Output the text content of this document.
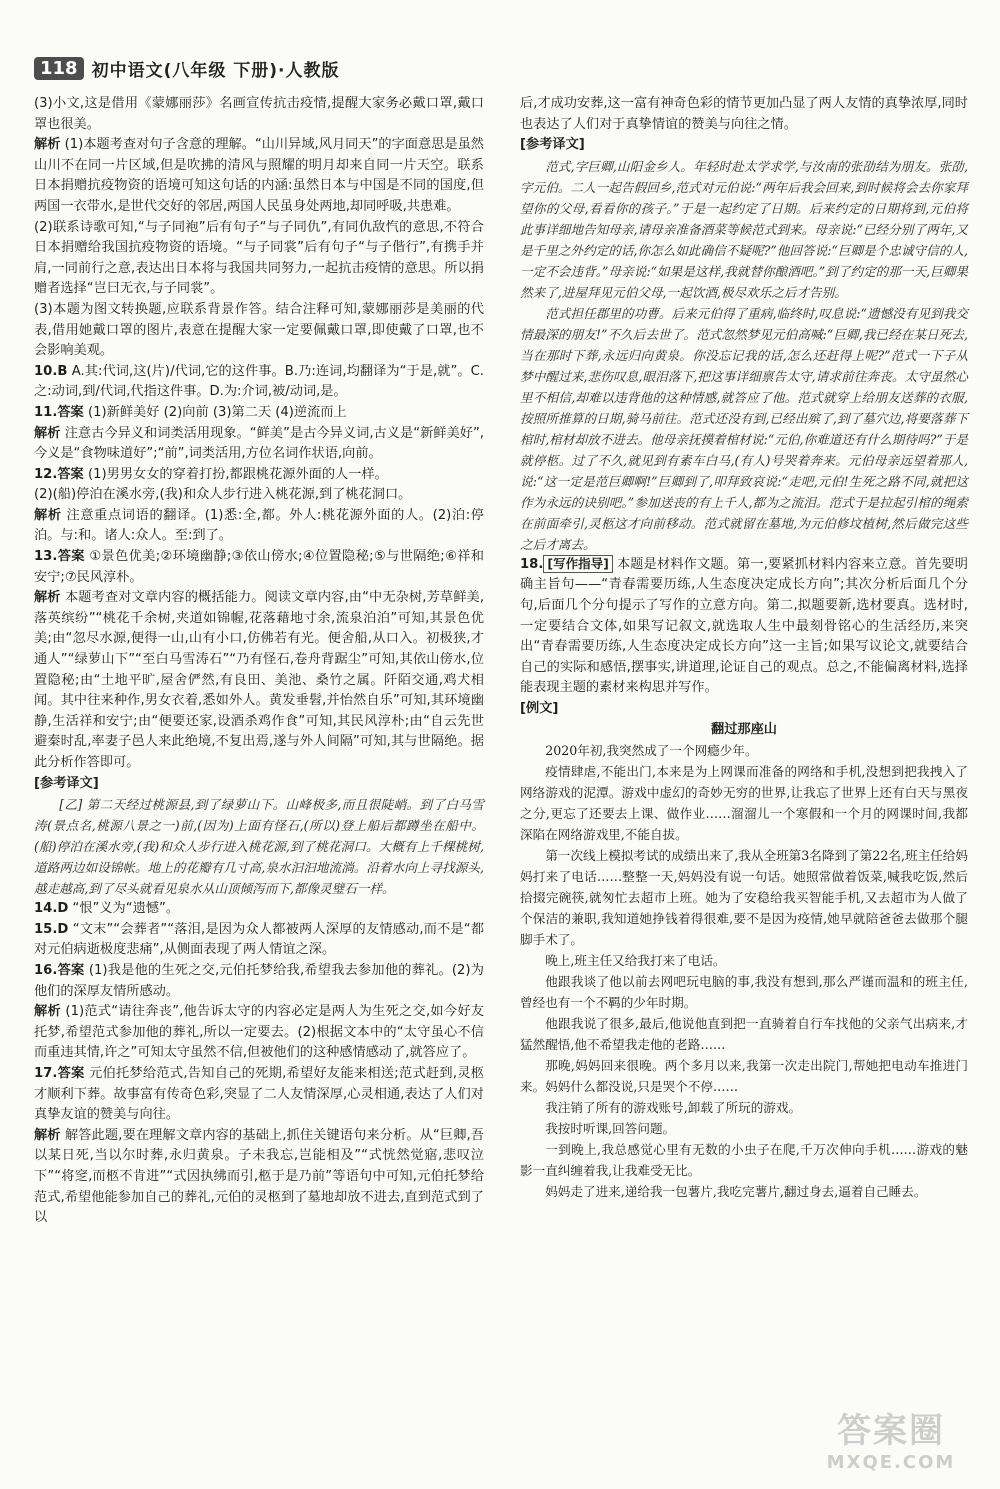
118 初中语文(八年级 下册)·人教版

(3)小文,这是借用《蒙娜丽莎》名画宣传抗击疫情,提醒大家务必戴口罩,戴口罩也很美。

解析 (1)本题考查对句子含意的理解。“山川异域,风月同天”的字面意思是虽然山川不在同一片区域,但是吹拂的清风与照耀的明月却来自同一片天空。联系日本捐赠抗疫物资的语境可知这句话的内涵:虽然日本与中国是不同的国度,但两国一衣带水,是世代交好的邻居,两国人民虽身处两地,却同呼吸,共患难。

(2)联系诗歌可知,“与子同袍”后有句子“与子同仇”,有同仇敌忾的意思,不符合日本捐赠给我国抗疫物资的语境。“与子同裳”后有句子“与子偕行”,有携手并肩,一同前行之意,表达出日本将与我国共同努力,一起抗击疫情的意思。所以捐赠者选择“岂曰无衣,与子同裳”。

(3)本题为图文转换题,应联系背景作答。结合注释可知,蒙娜丽莎是美丽的代表,借用她戴口罩的图片,表意在提醒大家一定要佩戴口罩,即使戴了口罩,也不会影响美观。

10.B A.其:代词,这(片)/代词,它的这件事。B.乃:连词,均翻译为“于是,就”。C.之:动词,到/代词,代指这件事。D.为:介词,被/动词,是。

11.答案 (1)新鲜美好 (2)向前 (3)第二天 (4)逆流而上

解析 注意古今异义和词类活用现象。“鲜美”是古今异义词,古义是“新鲜美好”,今义是“食物味道好”;“前”,词类活用,方位名词作状语,向前。

12.答案 (1)男男女女的穿着打扮,都跟桃花源外面的人一样。

(2)(船)停泊在溪水旁,(我)和众人步行进入桃花源,到了桃花洞口。

解析 注意重点词语的翻译。(1)悉:全,都。外人:桃花源外面的人。(2)泊:停泊。与:和。诸人:众人。至:到了。

13.答案 ①景色优美;②环境幽静;③依山傍水;④位置隐秘;⑤与世隔绝;⑥祥和安宁;⑦民风淳朴。

解析 本题考查对文章内容的概括能力。阅读文章内容,由“中无杂树,芳草鲜美,落英缤纷”“桃花千余树,夹道如锦幄,花落藉地寸余,流泉泊泊”可知,其景色优美;由“忽尽水源,便得一山,山有小口,仿佛若有光。便舍船,从口入。初极狭,才通人”“绿萝山下”“至白马雪涛石”“乃有怪石,卷舟背踞尘”可知,其依山傍水,位置隐秘;由“土地平旷,屋舍俨然,有良田、美池、桑竹之属。阡陌交通,鸡犬相闻。其中往来种作,男女衣着,悉如外人。黄发垂髫,并怡然自乐”可知,其环境幽静,生活祥和安宁;由“便要还家,设酒杀鸡作食”可知,其民风淳朴;由“自云先世避秦时乱,率妻子邑人来此绝境,不复出焉,遂与外人间隔”可知,其与世隔绝。据此分析作答即可。

[参考译文]

[乙] 第二天经过桃源县,到了绿萝山下。山峰极多,而且很陡峭。到了白马雪涛(景点名,桃源八景之一)前,(因为)上面有怪石,(所以)登上船后都蹲坐在船中。(船)停泊在溪水旁,(我)和众人步行进入桃花源,到了桃花洞口。大概有上千棵桃树,道路两边如设锦帐。地上的花瓣有几寸高,泉水汩汩地流淌。沿着水向上寻找源头,越走越高,到了尽头就看见泉水从山顶倾泻而下,都像灵璧石一样。

14.D “恨”义为“遗憾”。

15.D “文末”“会葬者”“落泪,是因为众人都被两人深厚的友情感动,而不是“都对元伯病逝极度悲痛”,从侧面表现了两人情谊之深。

16.答案 (1)我是他的生死之交,元伯托梦给我,希望我去参加他的葬礼。(2)为他们的深厚友情所感动。

解析 (1)范式“请往奔丧”,他告诉太守的内容必定是两人为生死之交,如今好友托梦,希望范式参加他的葬礼,所以一定要去。(2)根据文本中的“太守虽心不信而重违其情,许之”可知太守虽然不信,但被他们的这种感情感动了,就答应了。

17.答案 元伯托梦给范式,告知自己的死期,希望好友能来相送;范式赶到,灵柩才顺利下葬。故事富有传奇色彩,突显了二人友情深厚,心灵相通,表达了人们对真挚友谊的赞美与向往。

解析 解答此题,要在理解文章内容的基础上,抓住关键语句来分析。从“巨卿,吾以某日死,当以尔时葬,永归黄泉。子未我忘,岂能相及”“式恍然觉寤,悲叹泣下”“将窆,而柩不肯进”“式因执绋而引,柩于是乃前”等语句中可知,元伯托梦给范式,希望他能参加自己的葬礼,元伯的灵柩到了墓地却放不进去,直到范式到了以

后,才成功安葬,这一富有神奇色彩的情节更加凸显了两人友情的真挚浓厚,同时也表达了人们对于真挚情谊的赞美与向往之情。

[参考译文]

范式,字巨卿,山阳金乡人。年轻时赴太学求学,与汝南的张劭结为朋友。张劭,字元伯。二人一起告假回乡,范式对元伯说:“两年后我会回来,到时候将会去你家拜望你的父母,看看你的孩子。”于是一起约定了日期。后来约定的日期将到,元伯将此事详细地告知母亲,请母亲准备酒菜等候范式到来。母亲说:“已经分别了两年,又是千里之外约定的话,你怎么如此确信不疑呢?”他回答说:“巨卿是个忠诚守信的人,一定不会违背。”母亲说:“如果是这样,我就替你酿酒吧。”到了约定的那一天,巨卿果然来了,进屋拜见元伯父母,一起饮酒,极尽欢乐之后才告别。

范式担任郡里的功曹。后来元伯得了重病,临终时,叹息说:“遗憾没有见到我交情最深的朋友!”不久后去世了。范式忽然梦见元伯高喊:“巨卿,我已经在某日死去,当在那时下葬,永远归向黄泉。你没忘记我的话,怎么还赶得上呢?”范式一下子从梦中醒过来,悲伤叹息,眼泪落下,把这事详细禀告太守,请求前往奔丧。太守虽然心里不相信,却难以违背他的这种情感,就答应了他。范式就穿上给朋友送葬的衣服,按照所推算的日期,骑马前往。范式还没有到,已经出殡了,到了墓穴边,将要落葬下棺时,棺材却放不进去。他母亲抚摸着棺材说:“元伯,你难道还有什么期待吗?”于是就停柩。过了不久,就见到有素车白马,(有人)号哭着奔来。元伯母亲远望着那人,说:“这一定是范巨卿啊!”巨卿到了,叩拜致哀说:“走吧,元伯!生死之路不同,就把这作为永远的诀别吧。”参加送丧的有上千人,都为之流泪。范式于是拉起引棺的绳索在前面牵引,灵柩这才向前移动。范式就留在墓地,为元伯修坟植树,然后做完这些之后才离去。

18. [写作指导] 本题是材料作文题。第一,要紧抓材料内容来立意。首先要明确主旨句——“青春需要历练,人生态度决定成长方向”;其次分析后面几个分句,后面几个分句提示了写作的立意方向。第二,拟题要新,选材要真。选材时,一定要结合文体,如果写记叙文,就选取人生中最刻骨铭心的生活经历,来突出“青春需要历练,人生态度决定成长方向”这一主旨;如果写议论文,就要结合自己的实际和感悟,摆事实,讲道理,论证自己的观点。总之,不能偏离材料,选择能表现主题的素材来构思并写作。

[例文]

翻过那座山

2020年初,我突然成了一个网瘾少年。

疫情肆虐,不能出门,本来是为上网课而准备的网络和手机,没想到把我拽入了网络游戏的泥潭。游戏中虚幻的奇妙无穷的世界,让我忘了世界上还有白天与黑夜之分,更忘了还要去上课、做作业……溜溜儿一个寒假和一个月的网课时间,我都深陷在网络游戏里,不能自拔。

第一次线上模拟考试的成绩出来了,我从全班第3名降到了第22名,班主任给妈妈打来了电话……整整一天,妈妈没有说一句话。她照常做着饭菜,喊我吃饭,然后拾掇完碗筷,就匆忙去超市上班。她为了安稳给我买智能手机,又去超市为人做了个保洁的兼职,我知道她挣钱着得很难,要不是因为疫情,她早就陪爸爸去做那个腿脚手术了。

晚上,班主任又给我打来了电话。

他跟我谈了他以前去网吧玩电脑的事,我没有想到,那么严谨而温和的班主任,曾经也有一个不羁的少年时期。

他跟我说了很多,最后,他说他直到把一直骑着自行车找他的父亲气出病来,才猛然醒悟,他不希望我走他的老路……

那晚,妈妈回来很晚。两个多月以来,我第一次走出院门,帮她把电动车推进门来。妈妈什么都没说,只是哭个不停……

我注销了所有的游戏账号,卸载了所玩的游戏。

我按时听课,回答问题。

一到晚上,我总感觉心里有无数的小虫子在爬,千万次伸向手机……游戏的魅影一直纠缠着我,让我难受无比。

妈妈走了进来,递给我一包薯片,我吃完薯片,翻过身去,逼着自己睡去。

答案圈
MXQE.COM
